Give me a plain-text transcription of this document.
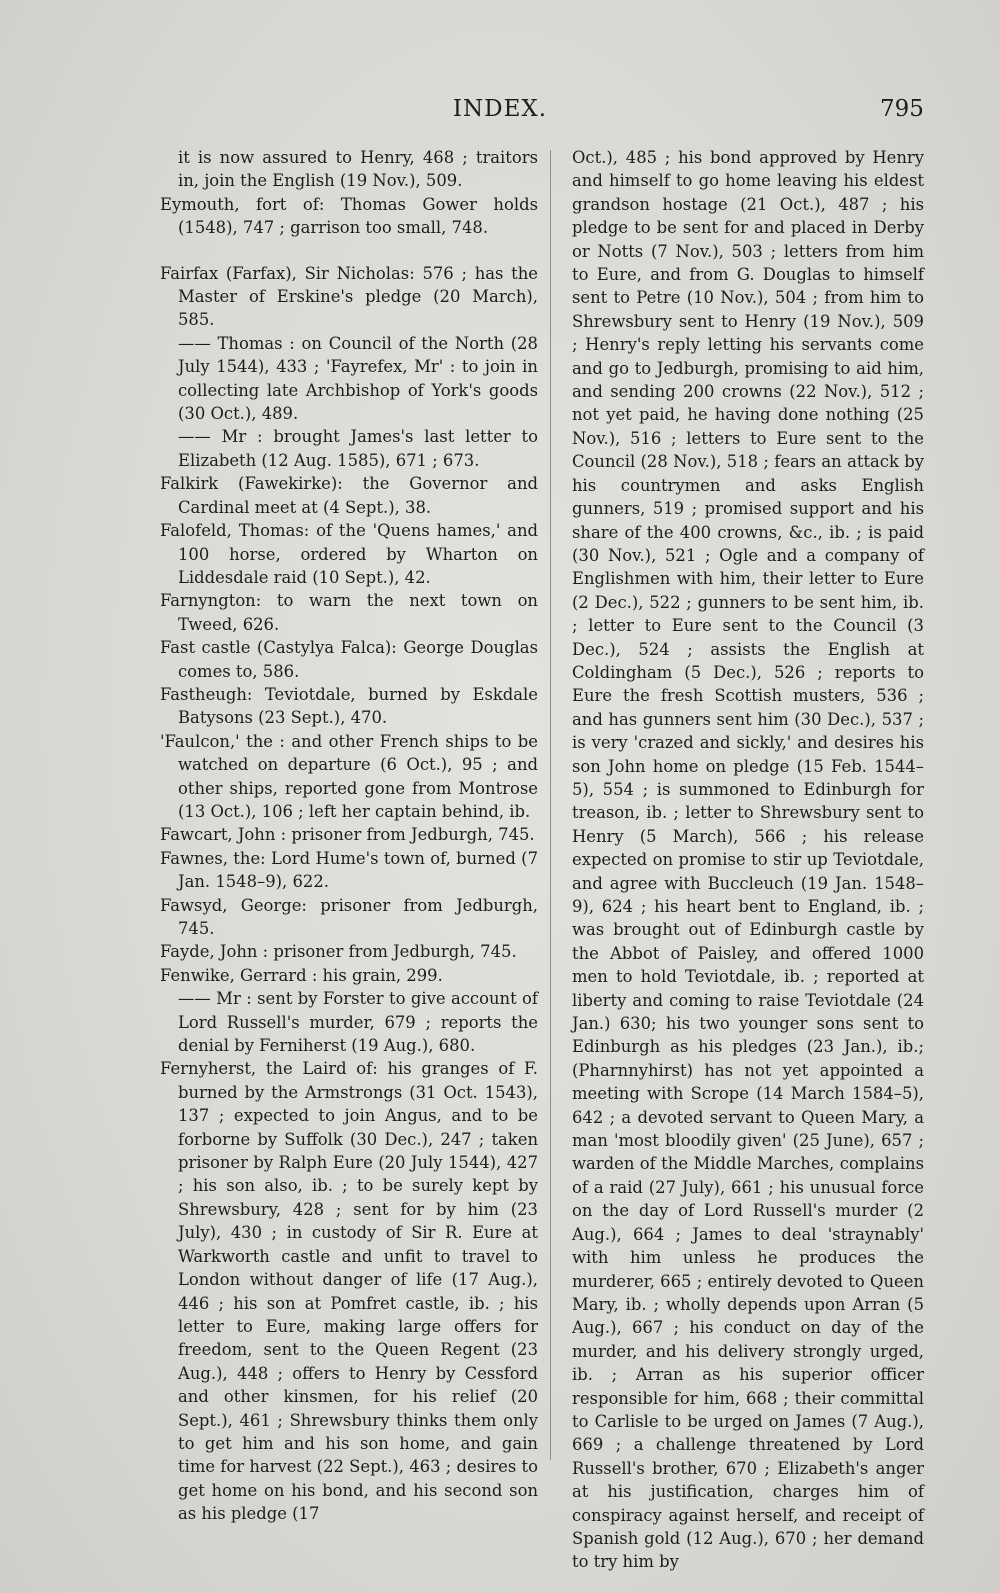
INDEX.	795

it is now assured to Henry, 468 ; traitors in, join the English (19 Nov.), 509.

Eymouth, fort of: Thomas Gower holds (1548), 747 ; garrison too small, 748.

Fairfax (Farfax), Sir Nicholas: 576 ; has the Master of Erskine's pledge (20 March), 585.

—— Thomas : on Council of the North (28 July 1544), 433 ; 'Fayrefex, Mr' : to join in collecting late Archbishop of York's goods (30 Oct.), 489.

—— Mr : brought James's last letter to Elizabeth (12 Aug. 1585), 671 ; 673.

Falkirk (Fawekirke): the Governor and Cardinal meet at (4 Sept.), 38.

Falofeld, Thomas: of the 'Quens hames,' and 100 horse, ordered by Wharton on Liddesdale raid (10 Sept.), 42.

Farnyngton: to warn the next town on Tweed, 626.

Fast castle (Castylya Falca): George Douglas comes to, 586.

Fastheugh: Teviotdale, burned by Eskdale Batysons (23 Sept.), 470.

'Faulcon,' the : and other French ships to be watched on departure (6 Oct.), 95 ; and other ships, reported gone from Montrose (13 Oct.), 106 ; left her captain behind, ib.

Fawcart, John : prisoner from Jedburgh, 745.

Fawnes, the: Lord Hume's town of, burned (7 Jan. 1548–9), 622.

Fawsyd, George: prisoner from Jedburgh, 745.

Fayde, John : prisoner from Jedburgh, 745.

Fenwike, Gerrard : his grain, 299.

—— Mr : sent by Forster to give account of Lord Russell's murder, 679 ; reports the denial by Ferniherst (19 Aug.), 680.

Fernyherst, the Laird of: his granges of F. burned by the Armstrongs (31 Oct. 1543), 137 ; expected to join Angus, and to be forborne by Suffolk (30 Dec.), 247 ; taken prisoner by Ralph Eure (20 July 1544), 427 ; his son also, ib. ; to be surely kept by Shrewsbury, 428 ; sent for by him (23 July), 430 ; in custody of Sir R. Eure at Warkworth castle and unfit to travel to London without danger of life (17 Aug.), 446 ; his son at Pomfret castle, ib. ; his letter to Eure, making large offers for freedom, sent to the Queen Regent (23 Aug.), 448 ; offers to Henry by Cessford and other kinsmen, for his relief (20 Sept.), 461 ; Shrewsbury thinks them only to get him and his son home, and gain time for harvest (22 Sept.), 463 ; desires to get home on his bond, and his second son as his pledge (17

Oct.), 485 ; his bond approved by Henry and himself to go home leaving his eldest grandson hostage (21 Oct.), 487 ; his pledge to be sent for and placed in Derby or Notts (7 Nov.), 503 ; letters from him to Eure, and from G. Douglas to himself sent to Petre (10 Nov.), 504 ; from him to Shrewsbury sent to Henry (19 Nov.), 509 ; Henry's reply letting his servants come and go to Jedburgh, promising to aid him, and sending 200 crowns (22 Nov.), 512 ; not yet paid, he having done nothing (25 Nov.), 516 ; letters to Eure sent to the Council (28 Nov.), 518 ; fears an attack by his countrymen and asks English gunners, 519 ; promised support and his share of the 400 crowns, &c., ib. ; is paid (30 Nov.), 521 ; Ogle and a company of Englishmen with him, their letter to Eure (2 Dec.), 522 ; gunners to be sent him, ib. ; letter to Eure sent to the Council (3 Dec.), 524 ; assists the English at Coldingham (5 Dec.), 526 ; reports to Eure the fresh Scottish musters, 536 ; and has gunners sent him (30 Dec.), 537 ; is very 'crazed and sickly,' and desires his son John home on pledge (15 Feb. 1544–5), 554 ; is summoned to Edinburgh for treason, ib. ; letter to Shrewsbury sent to Henry (5 March), 566 ; his release expected on promise to stir up Teviotdale, and agree with Buccleuch (19 Jan. 1548–9), 624 ; his heart bent to England, ib. ; was brought out of Edinburgh castle by the Abbot of Paisley, and offered 1000 men to hold Teviotdale, ib. ; reported at liberty and coming to raise Teviotdale (24 Jan.) 630; his two younger sons sent to Edinburgh as his pledges (23 Jan.), ib.; (Pharnnyhirst) has not yet appointed a meeting with Scrope (14 March 1584–5), 642 ; a devoted servant to Queen Mary, a man 'most bloodily given' (25 June), 657 ; warden of the Middle Marches, complains of a raid (27 July), 661 ; his unusual force on the day of Lord Russell's murder (2 Aug.), 664 ; James to deal 'straynably' with him unless he produces the murderer, 665 ; entirely devoted to Queen Mary, ib. ; wholly depends upon Arran (5 Aug.), 667 ; his conduct on day of the murder, and his delivery strongly urged, ib. ; Arran as his superior officer responsible for him, 668 ; their committal to Carlisle to be urged on James (7 Aug.), 669 ; a challenge threatened by Lord Russell's brother, 670 ; Elizabeth's anger at his justification, charges him of conspiracy against herself, and receipt of Spanish gold (12 Aug.), 670 ; her demand to try him by
